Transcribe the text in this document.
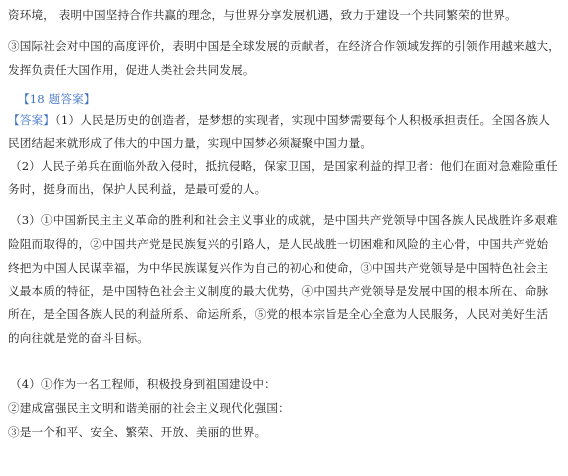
资环境， 表明中国坚持合作共赢的理念，与世界分享发展机遇，致力于建设一个共同繁荣的世界。
③国际社会对中国的高度评价，表明中国是全球发展的贡献者，在经济合作领域发挥的引领作用越来越大，
发挥负责任大国作用，促进人类社会共同发展。
【18 题答案】
【答案】（1）人民是历史的创造者，是梦想的实现者，实现中国梦需要每个人积极承担责任。全国各族人
民团结起来就形成了伟大的中国力量，实现中国梦必须凝聚中国力量。
（2）人民子弟兵在面临外敌入侵时，抵抗侵略，保家卫国，是国家利益的捍卫者：他们在面对急难险重任
务时，挺身而出，保护人民利益，是最可爱的人。
（3）①中国新民主主义革命的胜利和社会主义事业的成就，是中国共产党领导中国各族人民战胜许多艰难
险阻而取得的，②中国共产党是民族复兴的引路人，是人民战胜一切困难和风险的主心骨，中国共产党始
终把为中国人民谋幸福，为中华民族谋复兴作为自己的初心和使命，③中国共产党领导是中国特色社会主
义最本质的特征，是中国特色社会主义制度的最大优势，④中国共产党领导是发展中国的根本所在、命脉
所在，是全国各族人民的利益所系、命运所系，⑤党的根本宗旨是全心全意为人民服务，人民对美好生活
的向往就是党的奋斗目标。
（4）①作为一名工程师，积极投身到祖国建设中：
②建成富强民主文明和谐美丽的社会主义现代化强国：
③是一个和平、安全、繁荣、开放、美丽的世界。
